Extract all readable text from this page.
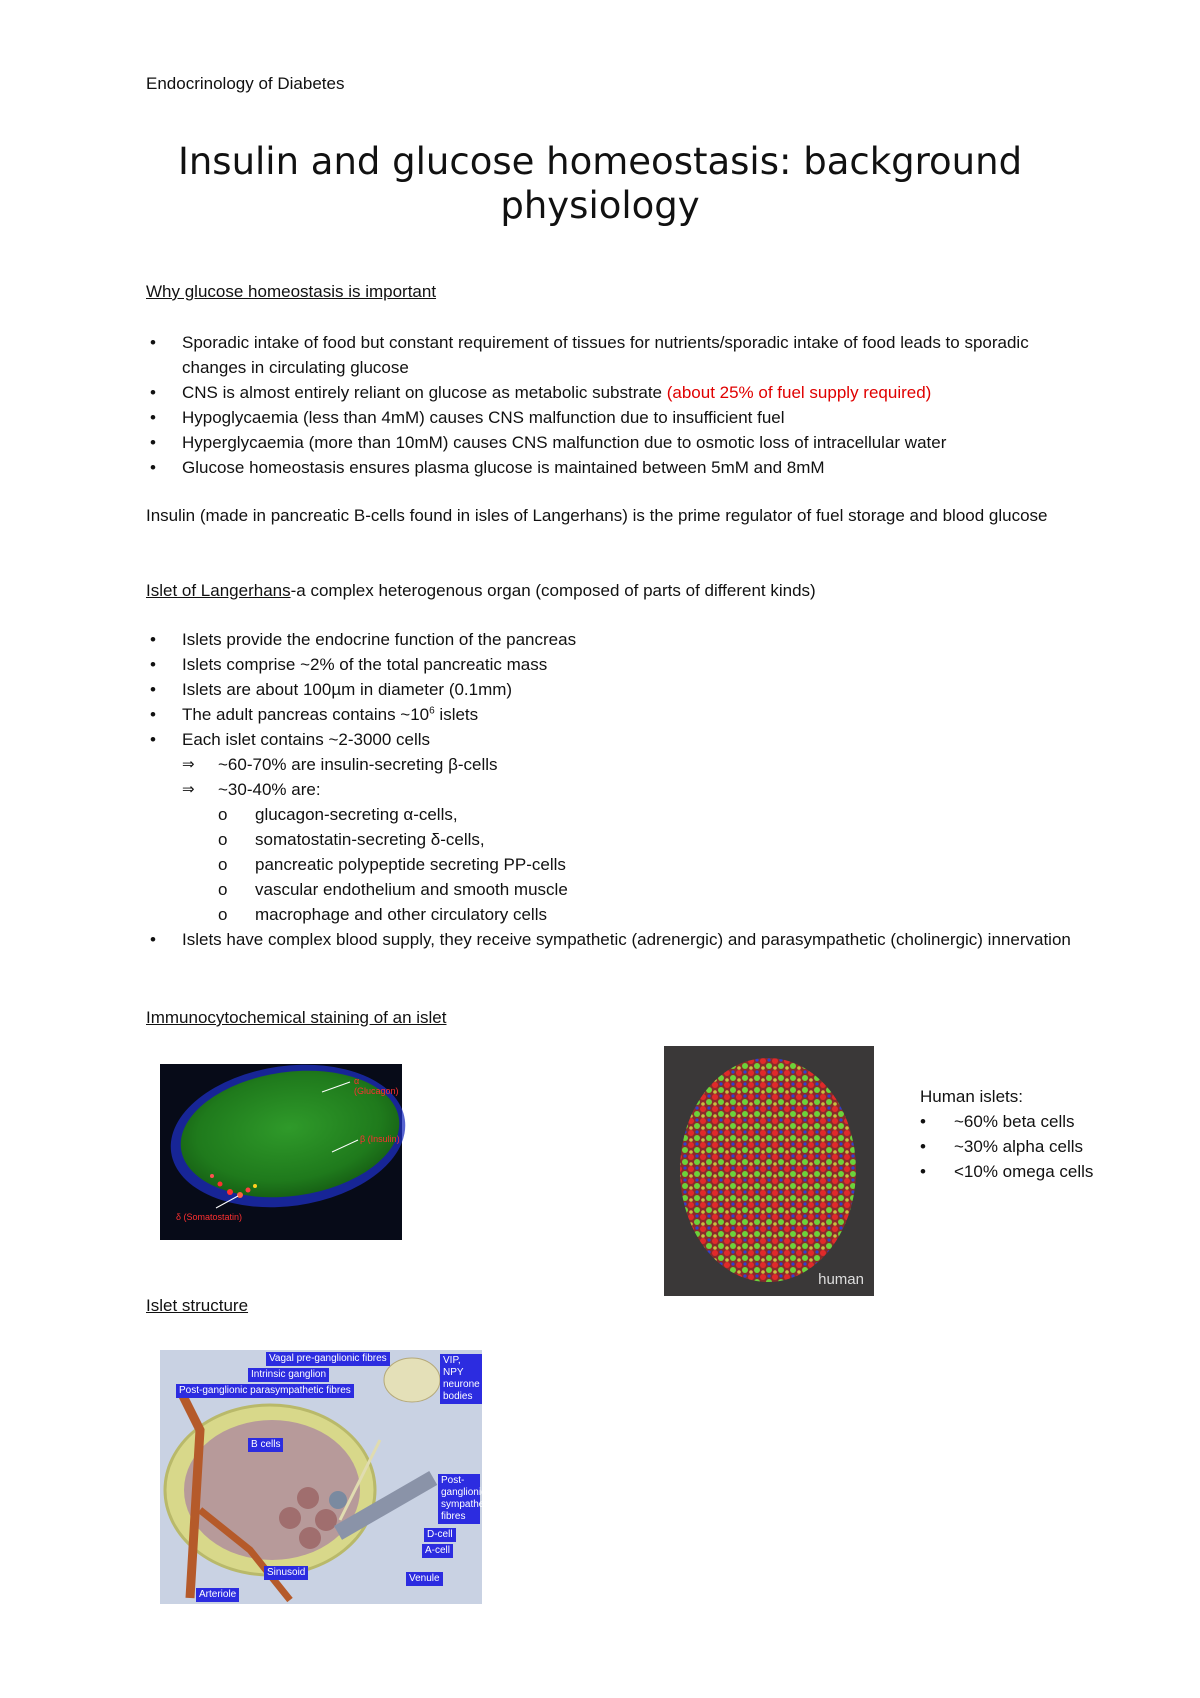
Endocrinology of Diabetes
Insulin and glucose homeostasis: background physiology
Why glucose homeostasis is important
• Sporadic intake of food but constant requirement of tissues for nutrients/sporadic intake of food leads to sporadic changes in circulating glucose
• CNS is almost entirely reliant on glucose as metabolic substrate (about 25% of fuel supply required)
• Hypoglycaemia (less than 4mM) causes CNS malfunction due to insufficient fuel
• Hyperglycaemia (more than 10mM) causes CNS malfunction due to osmotic loss of intracellular water
• Glucose homeostasis ensures plasma glucose is maintained between 5mM and 8mM
Insulin (made in pancreatic B-cells found in isles of Langerhans) is the prime regulator of fuel storage and blood glucose
Islet of Langerhans-a complex heterogenous organ (composed of parts of different kinds)
• Islets provide the endocrine function of the pancreas
• Islets comprise ~2% of the total pancreatic mass
• Islets are about 100µm in diameter (0.1mm)
• The adult pancreas contains $\sim 10^6$ islets
• Each islet contains ~2-3000 cells
⇒ ~60-70% are insulin-secreting β-cells
⇒ ~30-40% are:
o glucagon-secreting α-cells,
o somatostatin-secreting δ-cells,
o pancreatic polypeptide secreting PP-cells
o vascular endothelium and smooth muscle
o macrophage and other circulatory cells
• Islets have complex blood supply, they receive sympathetic (adrenergic) and parasympathetic (cholinergic) innervation
Immunocytochemical staining of an islet
α (Glucagon)
β (Insulin)
δ (Somatostatin)
human
Human islets:
• ~60% beta cells
• ~30% alpha cells
• <10% omega cells
Islet structure
Vagal pre-ganglionic fibres
Intrinsic ganglion
Post-ganglionic parasympathetic fibres
VIP, NPY neurone bodies
B cells
Post-ganglionic sympathetic fibres
D-cell
A-cell
Sinusoid
Venule
Arteriole
